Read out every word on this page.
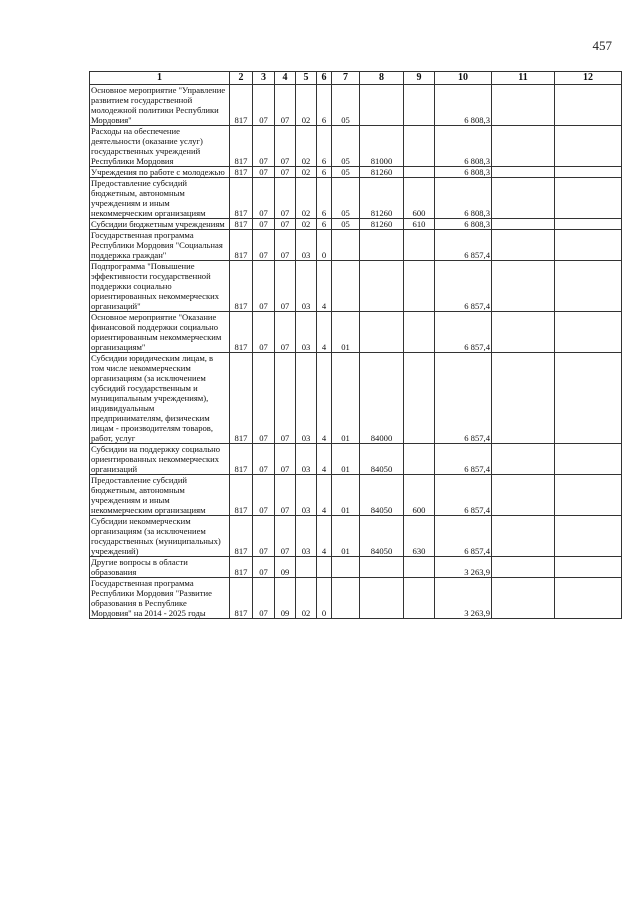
457
1	2	3	4	5	6	7	8	9	10	11	12
Основное мероприятие "Управление развитием государственной молодежной политики Республики Мордовия"	817	07	07	02	6	05			6 808,3		
Расходы на обеспечение деятельности (оказание услуг) государственных учреждений Республики Мордовия	817	07	07	02	6	05	81000		6 808,3		
Учреждения по работе с молодежью	817	07	07	02	6	05	81260		6 808,3		
Предоставление субсидий бюджетным, автономным учреждениям и иным некоммерческим организациям	817	07	07	02	6	05	81260	600	6 808,3		
Субсидии бюджетным учреждениям	817	07	07	02	6	05	81260	610	6 808,3		
Государственная программа Республики Мордовия "Социальная поддержка граждан"	817	07	07	03	0				6 857,4		
Подпрограмма "Повышение эффективности государственной поддержки социально ориентированных некоммерческих организаций"	817	07	07	03	4				6 857,4		
Основное мероприятие "Оказание финансовой поддержки социально ориентированным некоммерческим организациям"	817	07	07	03	4	01			6 857,4		
Субсидии юридическим лицам, в том числе некоммерческим организациям (за исключением субсидий государственным и муниципальным учреждениям), индивидуальным предпринимателям, физическим лицам - производителям товаров, работ, услуг	817	07	07	03	4	01	84000		6 857,4		
Субсидии на поддержку социально ориентированных некоммерческих организаций	817	07	07	03	4	01	84050		6 857,4		
Предоставление субсидий бюджетным, автономным учреждениям и иным некоммерческим организациям	817	07	07	03	4	01	84050	600	6 857,4		
Субсидии некоммерческим организациям (за исключением государственных (муниципальных) учреждений)	817	07	07	03	4	01	84050	630	6 857,4		
Другие вопросы в области образования	817	07	09						3 263,9		
Государственная программа Республики Мордовия "Развитие образования в Республике Мордовия" на 2014 - 2025 годы	817	07	09	02	0				3 263,9		
